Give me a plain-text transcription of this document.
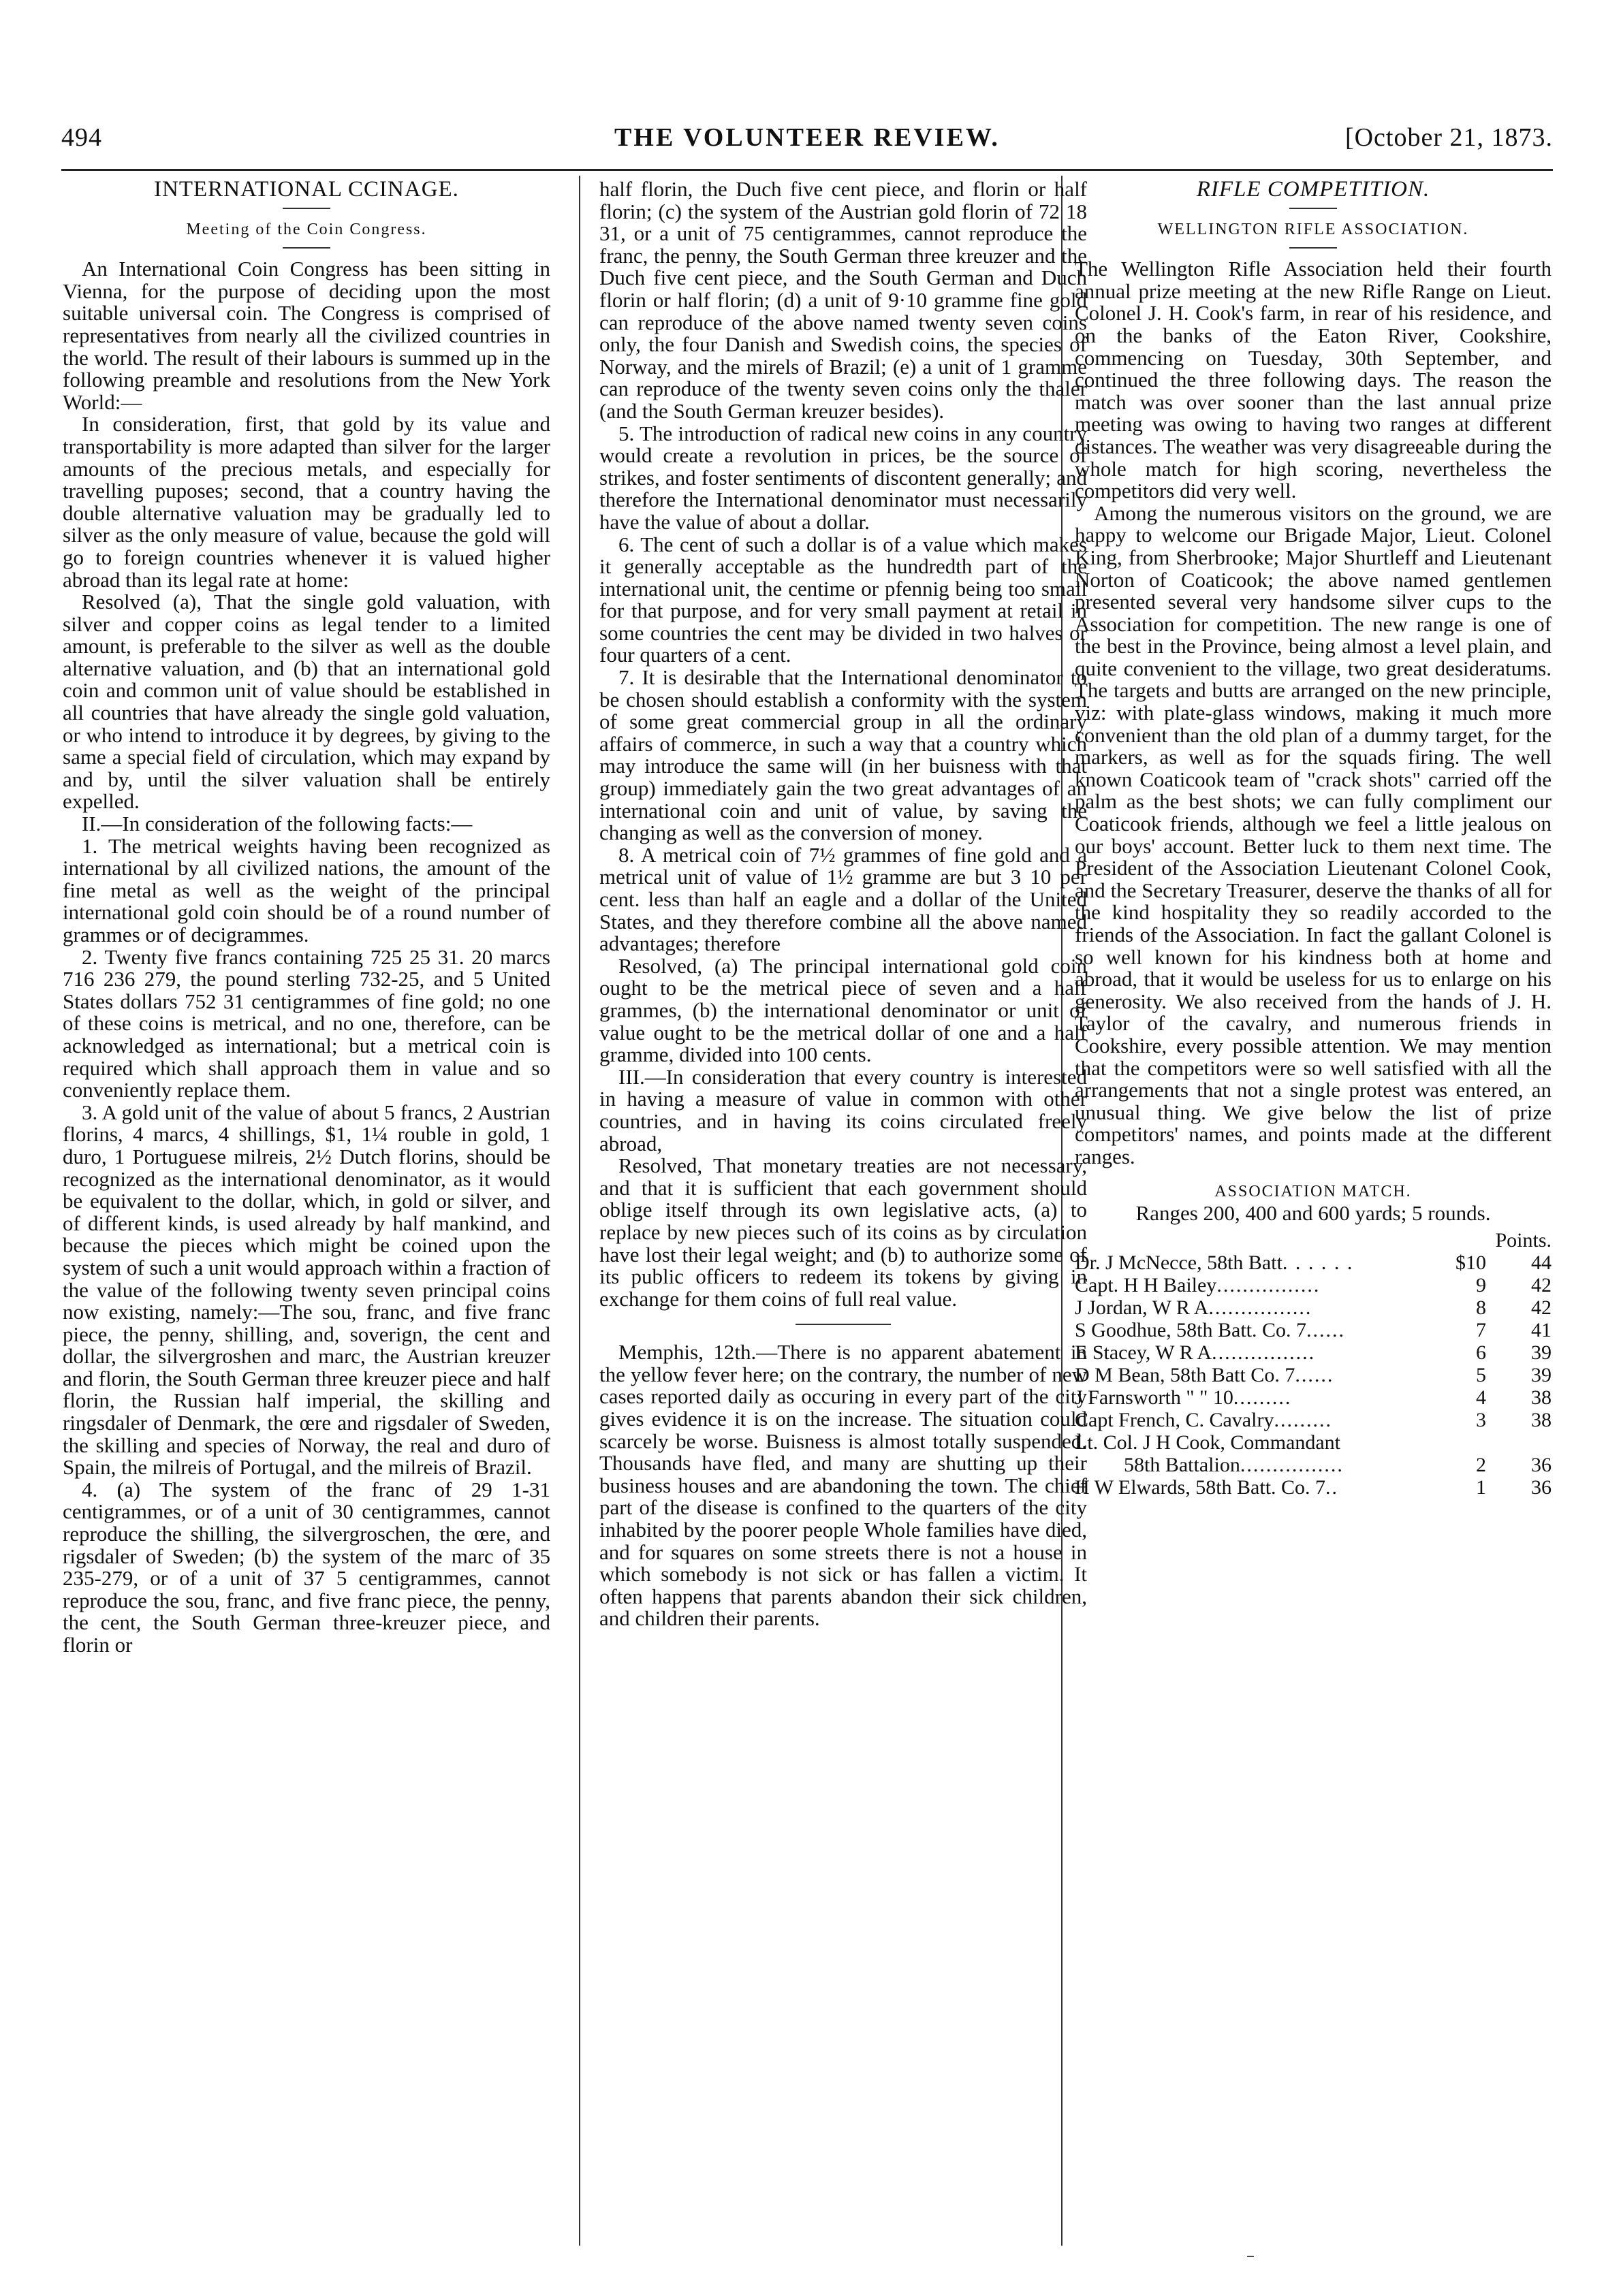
494	THE VOLUNTEER REVIEW.	[October 21, 1873.

INTERNATIONAL CCINAGE.

Meeting of the Coin Congress.

An International Coin Congress has been sitting in Vienna, for the purpose of deciding upon the most suitable universal coin. The Congress is comprised of representatives from nearly all the civilized countries in the world. The result of their labours is summed up in the following preamble and resolutions from the New York World:—

In consideration, first, that gold by its value and transportability is more adapted than silver for the larger amounts of the precious metals, and especially for travelling puposes; second, that a country having the double alternative valuation may be gradually led to silver as the only measure of value, because the gold will go to foreign countries whenever it is valued higher abroad than its legal rate at home:

Resolved (a), That the single gold valuation, with silver and copper coins as legal tender to a limited amount, is preferable to the silver as well as the double alternative valuation, and (b) that an international gold coin and common unit of value should be established in all countries that have already the single gold valuation, or who intend to introduce it by degrees, by giving to the same a special field of circulation, which may expand by and by, until the silver valuation shall be entirely expelled.

II.—In consideration of the following facts:—

1. The metrical weights having been recognized as international by all civilized nations, the amount of the fine metal as well as the weight of the principal international gold coin should be of a round number of grammes or of decigrammes.

2. Twenty five francs containing 725 25 31. 20 marcs 716 236 279, the pound sterling 732-25, and 5 United States dollars 752 31 centigrammes of fine gold; no one of these coins is metrical, and no one, therefore, can be acknowledged as international; but a metrical coin is required which shall approach them in value and so conveniently replace them.

3. A gold unit of the value of about 5 francs, 2 Austrian florins, 4 marcs, 4 shillings, $1, 1¼ rouble in gold, 1 duro, 1 Portuguese milreis, 2½ Dutch florins, should be recognized as the international denominator, as it would be equivalent to the dollar, which, in gold or silver, and of different kinds, is used already by half mankind, and because the pieces which might be coined upon the system of such a unit would approach within a fraction of the value of the following twenty seven principal coins now existing, namely:—The sou, franc, and five franc piece, the penny, shilling, and, soverign, the cent and dollar, the silvergroshen and marc, the Austrian kreuzer and florin, the South German three kreuzer piece and half florin, the Russian half imperial, the skilling and ringsdaler of Denmark, the œre and rigsdaler of Sweden, the skilling and species of Norway, the real and duro of Spain, the milreis of Portugal, and the milreis of Brazil.

4. (a) The system of the franc of 29 1-31 centigrammes, or of a unit of 30 centigrammes, cannot reproduce the shilling, the silvergroschen, the œre, and rigsdaler of Sweden; (b) the system of the marc of 35 235-279, or of a unit of 37 5 centigrammes, cannot reproduce the sou, franc, and five franc piece, the penny, the cent, the South German three-kreuzer piece, and florin or

half florin, the Duch five cent piece, and florin or half florin; (c) the system of the Austrian gold florin of 72 18 31, or a unit of 75 centigrammes, cannot reproduce the franc, the penny, the South German three kreuzer and the Duch five cent piece, and the South German and Duch florin or half florin; (d) a unit of 9·10 gramme fine gold can reproduce of the above named twenty seven coins only, the four Danish and Swedish coins, the species of Norway, and the mirels of Brazil; (e) a unit of 1 gramme can reproduce of the twenty seven coins only the thaler (and the South German kreuzer besides).

5. The introduction of radical new coins in any country would create a revolution in prices, be the source of strikes, and foster sentiments of discontent generally; and therefore the International denominator must necessarily have the value of about a dollar.

6. The cent of such a dollar is of a value which makes it generally acceptable as the hundredth part of the international unit, the centime or pfennig being too small for that purpose, and for very small payment at retail in some countries the cent may be divided in two halves or four quarters of a cent.

7. It is desirable that the International denominator to be chosen should establish a conformity with the system of some great commercial group in all the ordinary affairs of commerce, in such a way that a country which may introduce the same will (in her buisness with that group) immediately gain the two great advantages of an international coin and unit of value, by saving the changing as well as the conversion of money.

8. A metrical coin of 7½ grammes of fine gold and a metrical unit of value of 1½ gramme are but 3 10 per cent. less than half an eagle and a dollar of the United States, and they therefore combine all the above named advantages; therefore

Resolved, (a) The principal international gold coin ought to be the metrical piece of seven and a half grammes, (b) the international denominator or unit of value ought to be the metrical dollar of one and a half gramme, divided into 100 cents.

III.—In consideration that every country is interested in having a measure of value in common with other countries, and in having its coins circulated freely abroad,

Resolved, That monetary treaties are not necessary, and that it is sufficient that each government should oblige itself through its own legislative acts, (a) to replace by new pieces such of its coins as by circulation have lost their legal weight; and (b) to authorize some of its public officers to redeem its tokens by giving in exchange for them coins of full real value.

Memphis, 12th.—There is no apparent abatement in the yellow fever here; on the contrary, the number of new cases reported daily as occuring in every part of the city gives evidence it is on the increase. The situation could scarcely be worse. Buisness is almost totally suspended. Thousands have fled, and many are shutting up their business houses and are abandoning the town. The chief part of the disease is confined to the quarters of the city inhabited by the poorer people Whole families have died, and for squares on some streets there is not a house in which somebody is not sick or has fallen a victim. It often happens that parents abandon their sick children, and children their parents.

RIFLE COMPETITION.

WELLINGTON RIFLE ASSOCIATION.

The Wellington Rifle Association held their fourth annual prize meeting at the new Rifle Range on Lieut. Colonel J. H. Cook's farm, in rear of his residence, and on the banks of the Eaton River, Cookshire, commencing on Tuesday, 30th September, and continued the three following days. The reason the match was over sooner than the last annual prize meeting was owing to having two ranges at different distances. The weather was very disagreeable during the whole match for high scoring, nevertheless the competitors did very well.

Among the numerous visitors on the ground, we are happy to welcome our Brigade Major, Lieut. Colonel King, from Sherbrooke; Major Shurtleff and Lieutenant Norton of Coaticook; the above named gentlemen presented several very handsome silver cups to the Association for competition. The new range is one of the best in the Province, being almost a level plain, and quite convenient to the village, two great desideratums. The targets and butts are arranged on the new principle, viz: with plate-glass windows, making it much more convenient than the old plan of a dummy target, for the markers, as well as for the squads firing. The well known Coaticook team of "crack shots" carried off the palm as the best shots; we can fully compliment our Coaticook friends, although we feel a little jealous on our boys' account. Better luck to them next time. The President of the Association Lieutenant Colonel Cook, and the Secretary Treasurer, deserve the thanks of all for the kind hospitality they so readily accorded to the friends of the Association. In fact the gallant Colonel is so well known for his kindness both at home and abroad, that it would be useless for us to enlarge on his generosity. We also received from the hands of J. H. Taylor of the cavalry, and numerous friends in Cookshire, every possible attention. We may mention that the competitors were so well satisfied with all the arrangements that not a single protest was entered, an unusual thing. We give below the list of prize competitors' names, and points made at the different ranges.

ASSOCIATION MATCH.

Ranges 200, 400 and 600 yards; 5 rounds.

	Points.	
Dr. J McNecce, 58th Batt. . . . . .	$10	44
Capt. H H Bailey................	9	42
J Jordan, W R A................	8	42
S Goodhue, 58th Batt. Co. 7......	7	41
E Stacey, W R A................	6	39
D M Bean, 58th Batt Co. 7......	5	39
J Farnsworth " " 10.........	4	38
Capt French, C. Cavalry.........	3	38
Lt. Col. J H Cook, Commandant		
58th Battalion................	2	36
H W Elwards, 58th Batt. Co. 7..	1	36
–
